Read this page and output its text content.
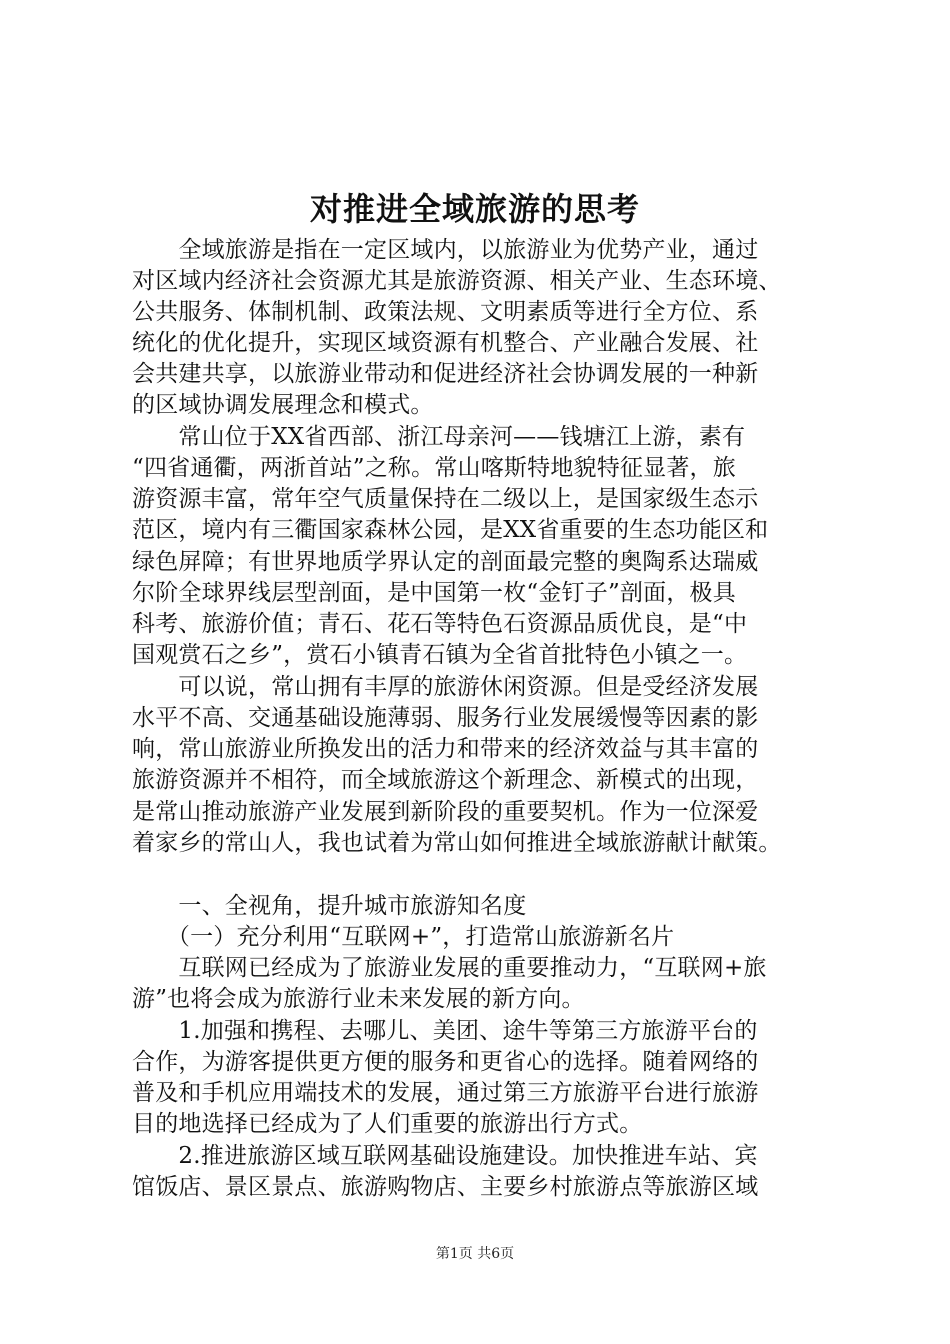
对推进全域旅游的思考
　　全域旅游是指在一定区域内，以旅游业为优势产业，通过
对区域内经济社会资源尤其是旅游资源、相关产业、生态环境、
公共服务、体制机制、政策法规、文明素质等进行全方位、系
统化的优化提升，实现区域资源有机整合、产业融合发展、社
会共建共享，以旅游业带动和促进经济社会协调发展的一种新
的区域协调发展理念和模式。
　　常山位于XX省西部、浙江母亲河——钱塘江上游，素有
“四省通衢，两浙首站”之称。常山喀斯特地貌特征显著，旅
游资源丰富，常年空气质量保持在二级以上，是国家级生态示
范区，境内有三衢国家森林公园，是XX省重要的生态功能区和
绿色屏障；有世界地质学界认定的剖面最完整的奥陶系达瑞威
尔阶全球界线层型剖面，是中国第一枚“金钉子”剖面，极具
科考、旅游价值；青石、花石等特色石资源品质优良，是“中
国观赏石之乡”，赏石小镇青石镇为全省首批特色小镇之一。
　　可以说，常山拥有丰厚的旅游休闲资源。但是受经济发展
水平不高、交通基础设施薄弱、服务行业发展缓慢等因素的影
响，常山旅游业所换发出的活力和带来的经济效益与其丰富的
旅游资源并不相符，而全域旅游这个新理念、新模式的出现，
是常山推动旅游产业发展到新阶段的重要契机。作为一位深爱
着家乡的常山人，我也试着为常山如何推进全域旅游献计献策。
　　一、全视角，提升城市旅游知名度
　　（一）充分利用“互联网+”，打造常山旅游新名片
　　互联网已经成为了旅游业发展的重要推动力，“互联网+旅
游”也将会成为旅游行业未来发展的新方向。
　　1.加强和携程、去哪儿、美团、途牛等第三方旅游平台的
合作，为游客提供更方便的服务和更省心的选择。随着网络的
普及和手机应用端技术的发展，通过第三方旅游平台进行旅游
目的地选择已经成为了人们重要的旅游出行方式。
　　2.推进旅游区域互联网基础设施建设。加快推进车站、宾
馆饭店、景区景点、旅游购物店、主要乡村旅游点等旅游区域
第1页 共6页
